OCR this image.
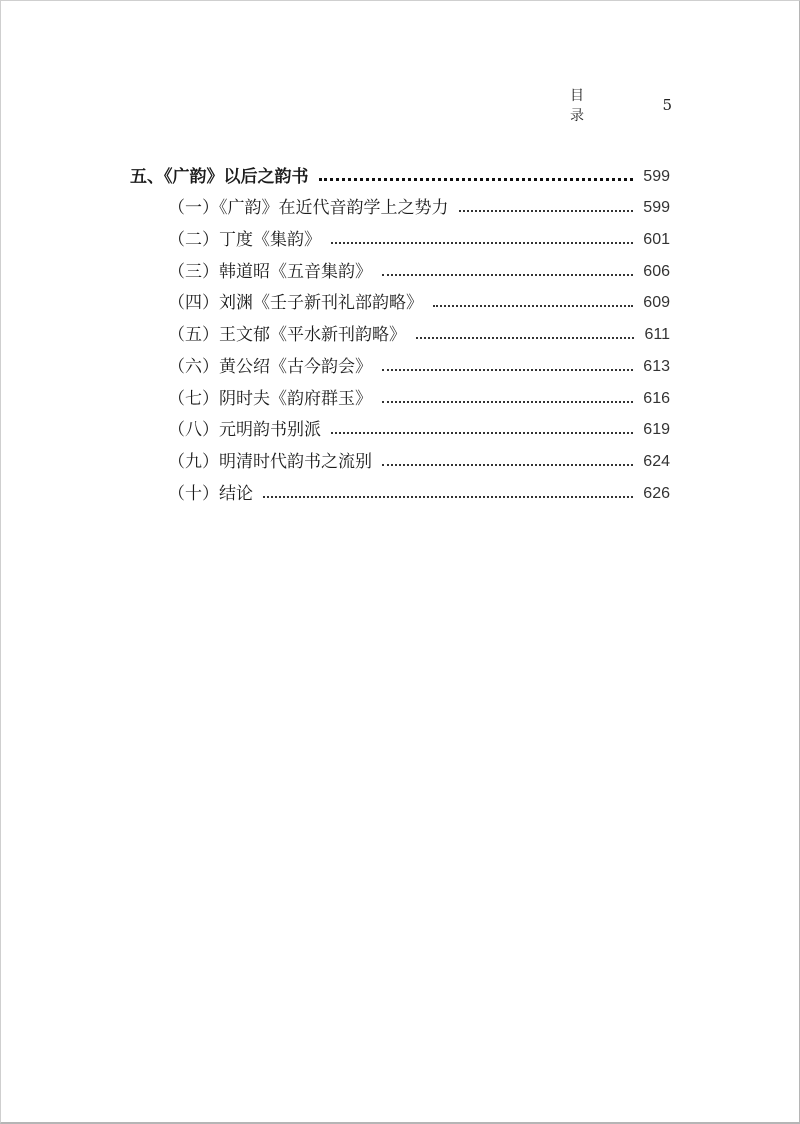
目 录
5
五、《广韵》以后之韵书	599
（一）《广韵》在近代音韵学上之势力	599
（二）丁度《集韵》	601
（三）韩道昭《五音集韵》	606
（四）刘渊《壬子新刊礼部韵略》	609
（五）王文郁《平水新刊韵略》	611
（六）黄公绍《古今韵会》	613
（七）阴时夫《韵府群玉》	616
（八）元明韵书别派	619
（九）明清时代韵书之流别	624
（十）结论	626
